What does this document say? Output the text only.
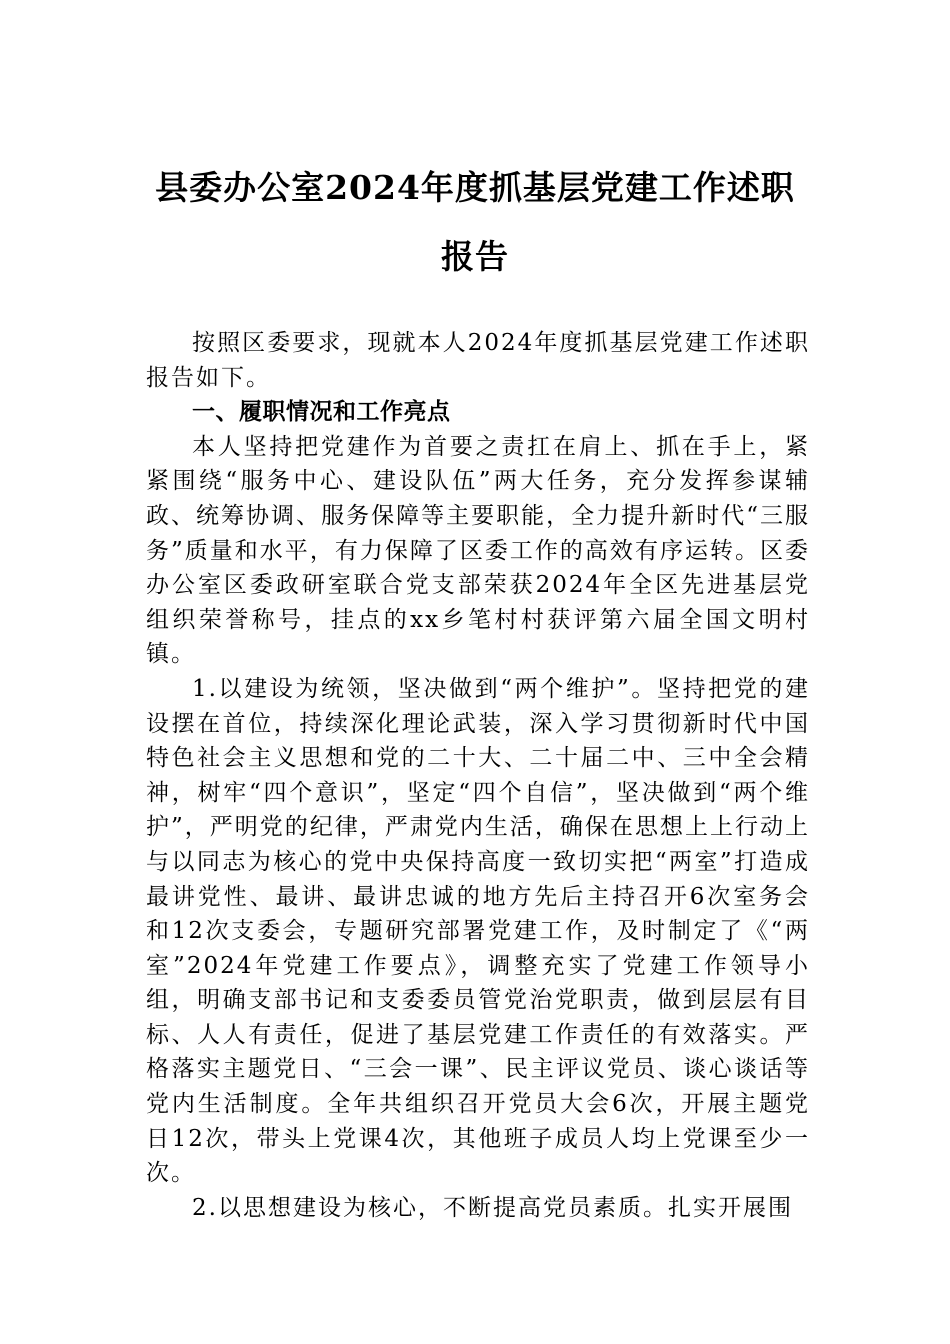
县委办公室2024年度抓基层党建工作述职
报告

按照区委要求，现就本人2024年度抓基层党建工作述职报告如下。

一、履职情况和工作亮点

本人坚持把党建作为首要之责扛在肩上、抓在手上，紧紧围绕“服务中心、建设队伍”两大任务，充分发挥参谋辅政、统筹协调、服务保障等主要职能，全力提升新时代“三服务”质量和水平，有力保障了区委工作的高效有序运转。区委办公室区委政研室联合党支部荣获2024年全区先进基层党组织荣誉称号，挂点的xx乡笔村村获评第六届全国文明村镇。

1.以建设为统领，坚决做到“两个维护”。坚持把党的建设摆在首位，持续深化理论武装，深入学习贯彻新时代中国特色社会主义思想和党的二十大、二十届二中、三中全会精神，树牢“四个意识”，坚定“四个自信”，坚决做到“两个维护”，严明党的纪律，严肃党内生活，确保在思想上上行动上与以同志为核心的党中央保持高度一致切实把“两室”打造成最讲党性、最讲、最讲忠诚的地方先后主持召开6次室务会和12次支委会，专题研究部署党建工作，及时制定了《“两室”2024年党建工作要点》，调整充实了党建工作领导小组，明确支部书记和支委委员管党治党职责，做到层层有目标、人人有责任，促进了基层党建工作责任的有效落实。严格落实主题党日、“三会一课”、民主评议党员、谈心谈话等党内生活制度。全年共组织召开党员大会6次，开展主题党日12次，带头上党课4次，其他班子成员人均上党课至少一次。

2.以思想建设为核心，不断提高党员素质。扎实开展围
